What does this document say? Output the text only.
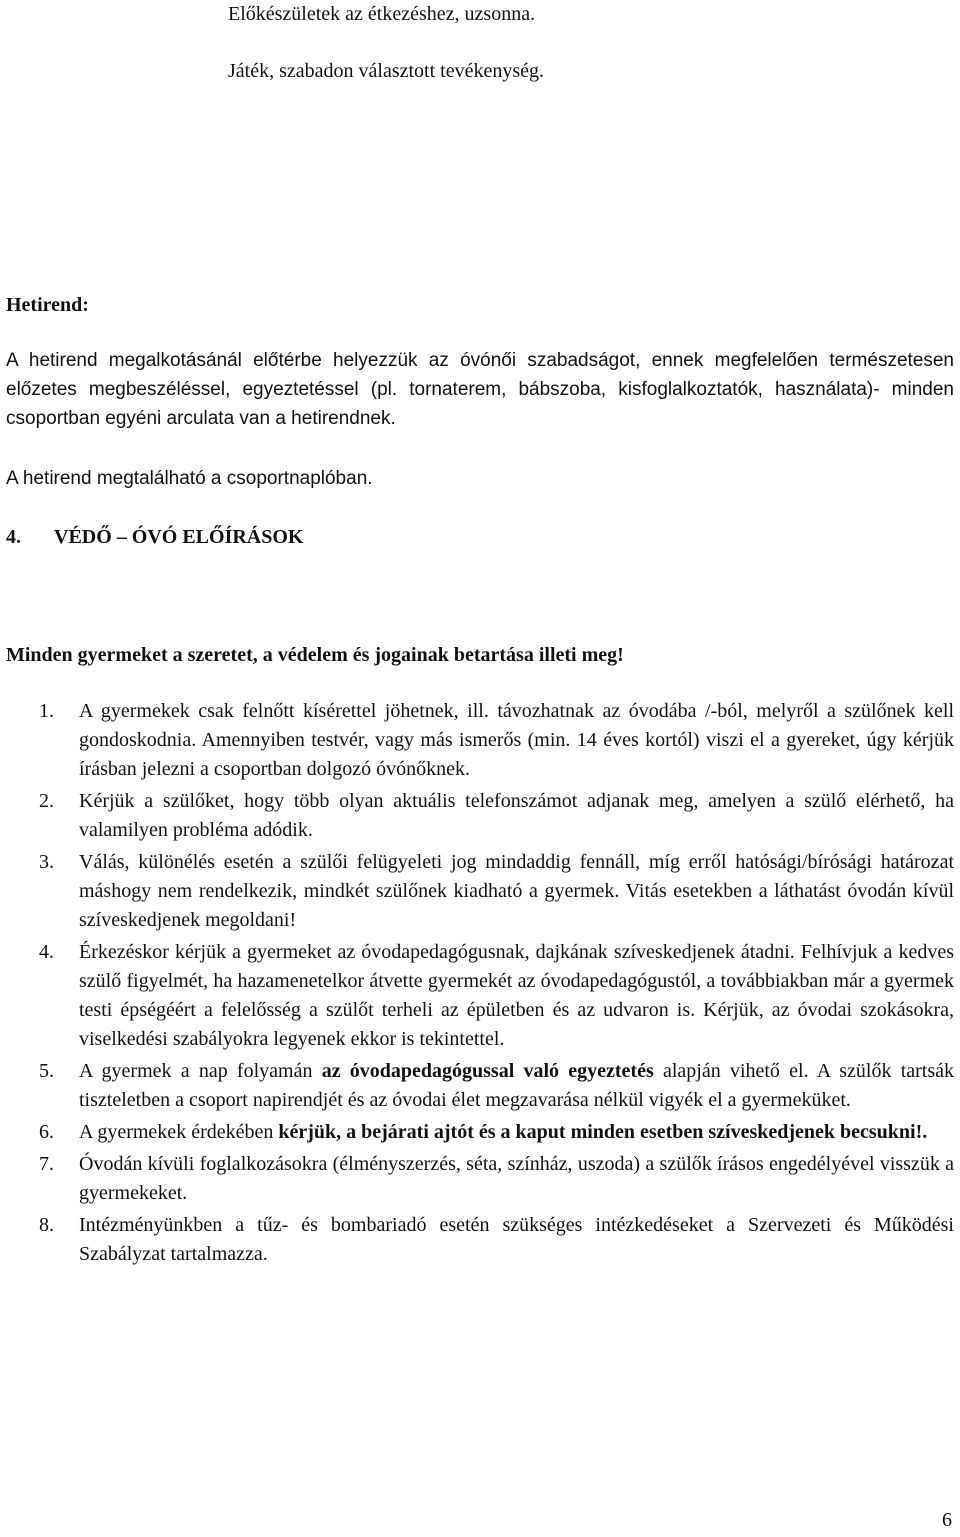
Előkészületek az étkezéshez, uzsonna.
Játék, szabadon választott tevékenység.
Hetirend:
A hetirend megalkotásánál előtérbe helyezzük az óvónői szabadságot, ennek megfelelően természetesen előzetes megbeszéléssel, egyeztetéssel (pl. tornaterem, bábszoba, kisfoglalkoztatók, használata)- minden csoportban egyéni arculata van a hetirendnek.
A hetirend megtalálható a csoportnaplóban.
4. VÉDŐ – ÓVÓ ELŐÍRÁSOK
Minden gyermeket a szeretet, a védelem és jogainak betartása illeti meg!
1. A gyermekek csak felnőtt kísérettel jöhetnek, ill. távozhatnak az óvodába /-ból, melyről a szülőnek kell gondoskodnia. Amennyiben testvér, vagy más ismerős (min. 14 éves kortól) viszi el a gyereket, úgy kérjük írásban jelezni a csoportban dolgozó óvónőknek.
2. Kérjük a szülőket, hogy több olyan aktuális telefonszámot adjanak meg, amelyen a szülő elérhető, ha valamilyen probléma adódik.
3. Válás, különélés esetén a szülői felügyeleti jog mindaddig fennáll, míg erről hatósági/bírósági határozat máshogy nem rendelkezik, mindkét szülőnek kiadható a gyermek. Vitás esetekben a láthatást óvodán kívül szíveskedjenek megoldani!
4. Érkezéskor kérjük a gyermeket az óvodapedagógusnak, dajkának szíveskedjenek átadni. Felhívjuk a kedves szülő figyelmét, ha hazamenetelkor átvette gyermekét az óvodapedagógustól, a továbbiakban már a gyermek testi épségéért a felelősség a szülőt terheli az épületben és az udvaron is. Kérjük, az óvodai szokásokra, viselkedési szabályokra legyenek ekkor is tekintettel.
5. A gyermek a nap folyamán az óvodapedagógussal való egyeztetés alapján vihető el. A szülők tartsák tiszteletben a csoport napirendjét és az óvodai élet megzavarása nélkül vigyék el a gyermeküket.
6. A gyermekek érdekében kérjük, a bejárati ajtót és a kaput minden esetben szíveskedjenek becsukni!.
7. Óvodán kívüli foglalkozásokra (élményszerzés, séta, színház, uszoda) a szülők írásos engedélyével visszük a gyermekeket.
8. Intézményünkben a tűz- és bombariadó esetén szükséges intézkedéseket a Szervezeti és Működési Szabályzat tartalmazza.
6
